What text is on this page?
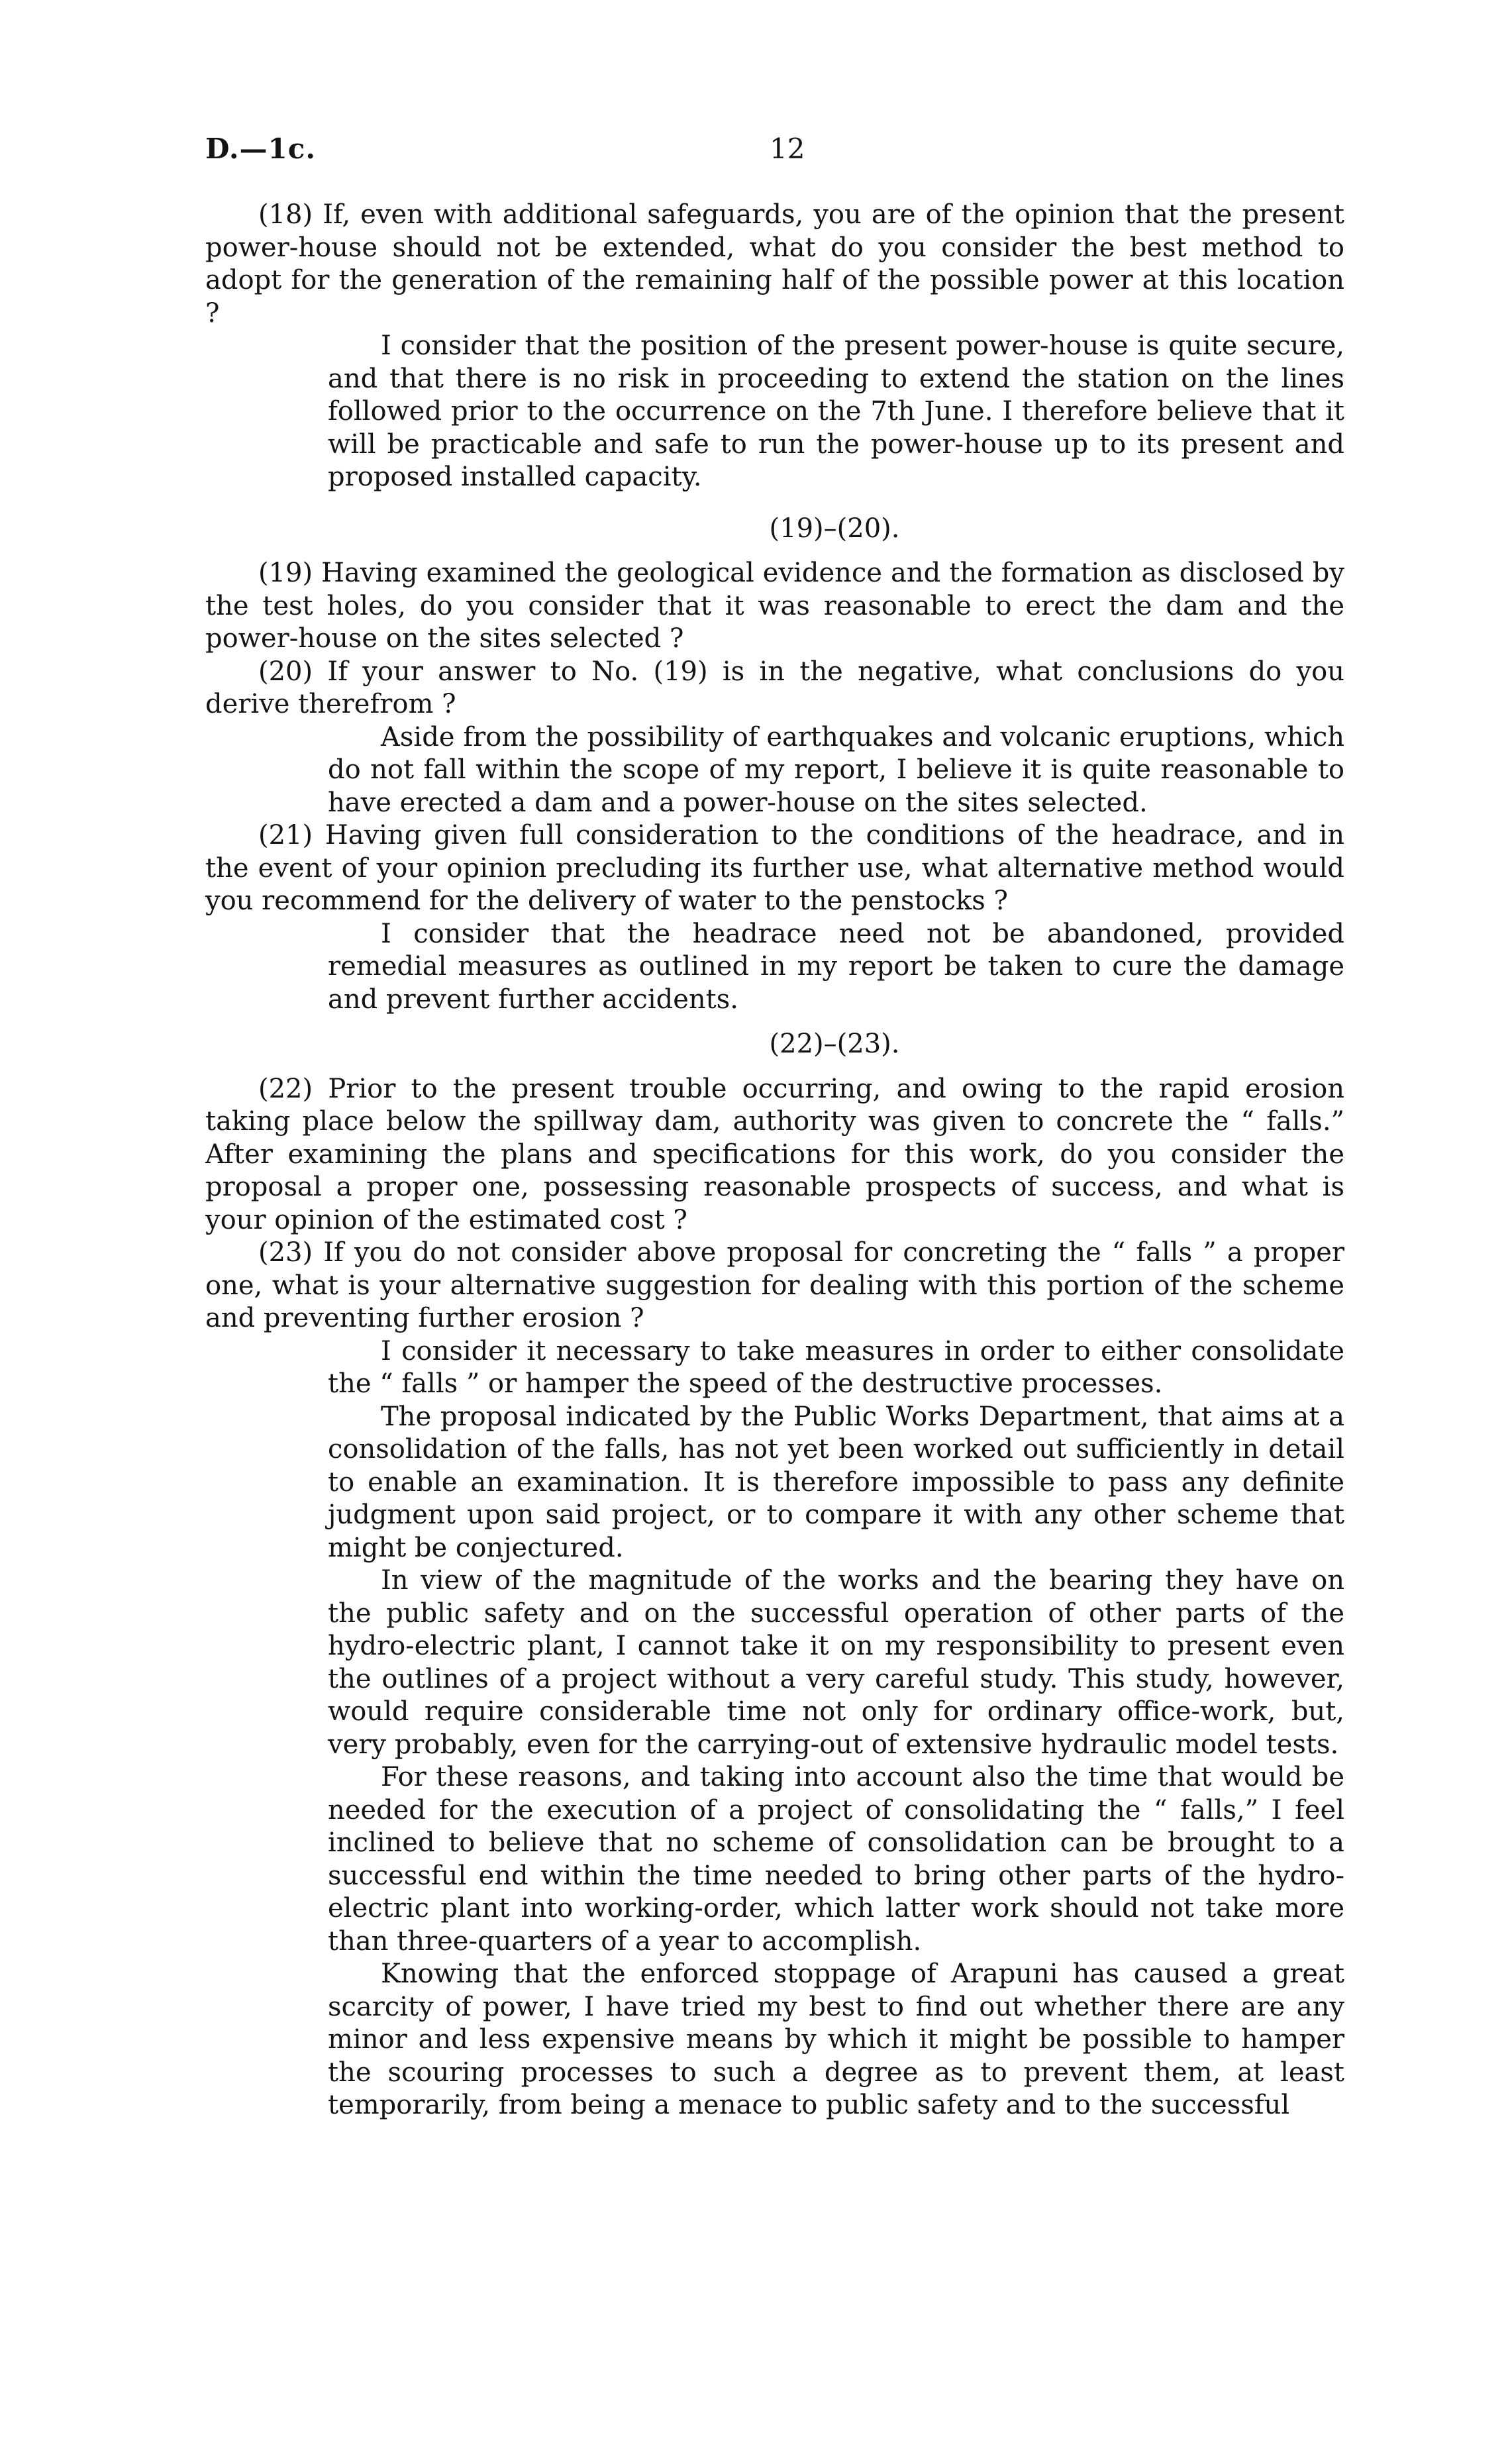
D.—1c.	12

(18) If, even with additional safeguards, you are of the opinion that the present power-house should not be extended, what do you consider the best method to adopt for the generation of the remaining half of the possible power at this location ?

I consider that the position of the present power-house is quite secure, and that there is no risk in proceeding to extend the station on the lines followed prior to the occurrence on the 7th June. I therefore believe that it will be practicable and safe to run the power-house up to its present and proposed installed capacity.

(19)–(20).

(19) Having examined the geological evidence and the formation as disclosed by the test holes, do you consider that it was reasonable to erect the dam and the power-house on the sites selected ?

(20) If your answer to No. (19) is in the negative, what conclusions do you derive therefrom ?

Aside from the possibility of earthquakes and volcanic eruptions, which do not fall within the scope of my report, I believe it is quite reasonable to have erected a dam and a power-house on the sites selected.

(21) Having given full consideration to the conditions of the headrace, and in the event of your opinion precluding its further use, what alternative method would you recommend for the delivery of water to the penstocks ?

I consider that the headrace need not be abandoned, provided remedial measures as outlined in my report be taken to cure the damage and prevent further accidents.

(22)–(23).

(22) Prior to the present trouble occurring, and owing to the rapid erosion taking place below the spillway dam, authority was given to concrete the “ falls.” After examining the plans and specifications for this work, do you consider the proposal a proper one, possessing reasonable prospects of success, and what is your opinion of the estimated cost ?

(23) If you do not consider above proposal for concreting the “ falls ” a proper one, what is your alternative suggestion for dealing with this portion of the scheme and preventing further erosion ?

I consider it necessary to take measures in order to either consolidate the “ falls ” or hamper the speed of the destructive processes.

The proposal indicated by the Public Works Department, that aims at a consolidation of the falls, has not yet been worked out sufficiently in detail to enable an examination. It is therefore impossible to pass any definite judgment upon said project, or to compare it with any other scheme that might be conjectured.

In view of the magnitude of the works and the bearing they have on the public safety and on the successful operation of other parts of the hydro-electric plant, I cannot take it on my responsibility to present even the outlines of a project without a very careful study. This study, however, would require considerable time not only for ordinary office-work, but, very probably, even for the carrying-out of extensive hydraulic model tests.

For these reasons, and taking into account also the time that would be needed for the execution of a project of consolidating the “ falls,” I feel inclined to believe that no scheme of consolidation can be brought to a successful end within the time needed to bring other parts of the hydro-electric plant into working-order, which latter work should not take more than three-quarters of a year to accomplish.

Knowing that the enforced stoppage of Arapuni has caused a great scarcity of power, I have tried my best to find out whether there are any minor and less expensive means by which it might be possible to hamper the scouring processes to such a degree as to prevent them, at least temporarily, from being a menace to public safety and to the successful
